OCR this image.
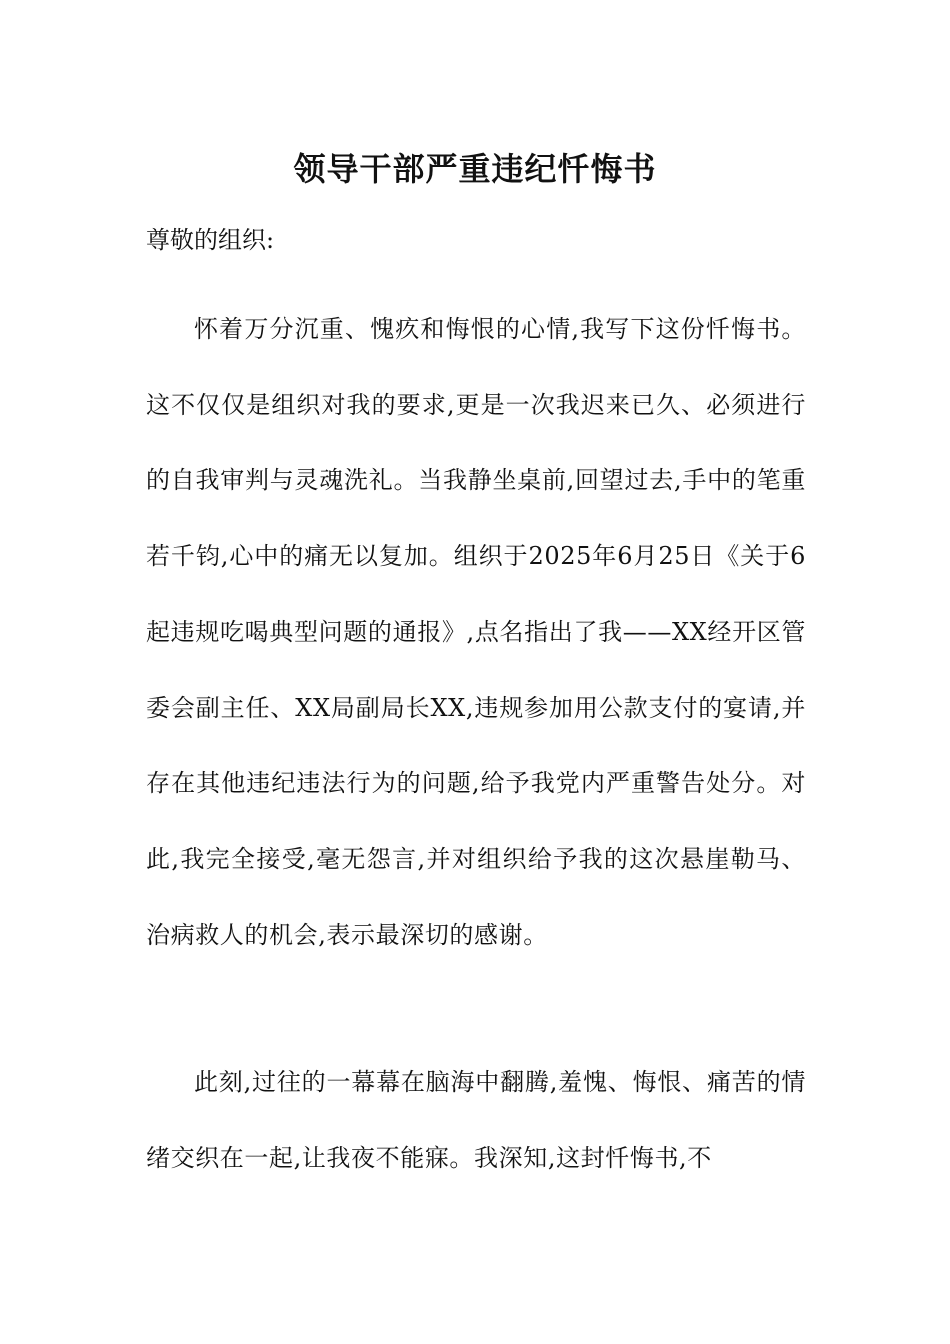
领导干部严重违纪忏悔书

尊敬的组织:

怀着万分沉重、愧疚和悔恨的心情,我写下这份忏悔书。这不仅仅是组织对我的要求,更是一次我迟来已久、必须进行的自我审判与灵魂洗礼。当我静坐桌前,回望过去,手中的笔重若千钧,心中的痛无以复加。组织于2025年6月25日《关于6起违规吃喝典型问题的通报》,点名指出了我——XX经开区管委会副主任、XX局副局长XX,违规参加用公款支付的宴请,并存在其他违纪违法行为的问题,给予我党内严重警告处分。对此,我完全接受,毫无怨言,并对组织给予我的这次悬崖勒马、治病救人的机会,表示最深切的感谢。

此刻,过往的一幕幕在脑海中翻腾,羞愧、悔恨、痛苦的情绪交织在一起,让我夜不能寐。我深知,这封忏悔书,不
